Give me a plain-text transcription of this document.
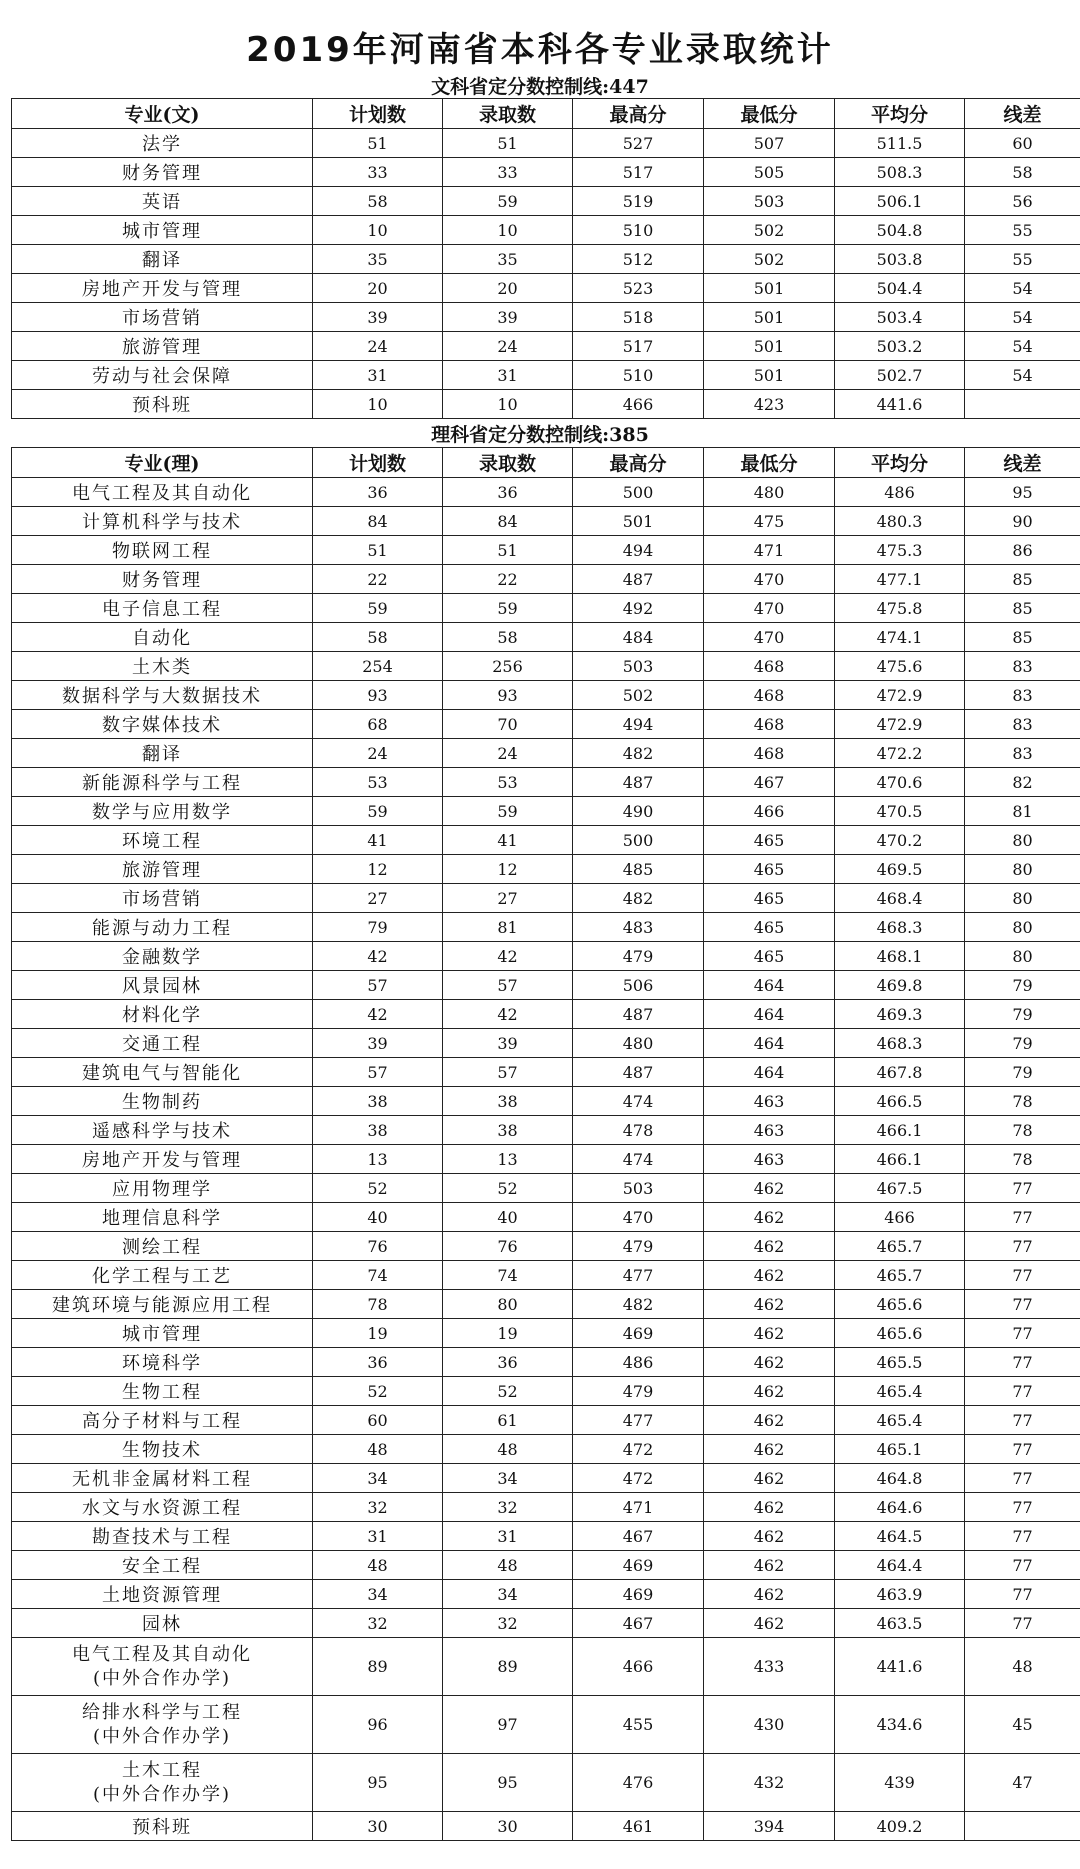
2019年河南省本科各专业录取统计
文科省定分数控制线:447
专业(文)	计划数	录取数	最高分	最低分	平均分	线差
法学	51	51	527	507	511.5	60
财务管理	33	33	517	505	508.3	58
英语	58	59	519	503	506.1	56
城市管理	10	10	510	502	504.8	55
翻译	35	35	512	502	503.8	55
房地产开发与管理	20	20	523	501	504.4	54
市场营销	39	39	518	501	503.4	54
旅游管理	24	24	517	501	503.2	54
劳动与社会保障	31	31	510	501	502.7	54
预科班	10	10	466	423	441.6	
理科省定分数控制线:385
专业(理)	计划数	录取数	最高分	最低分	平均分	线差
电气工程及其自动化	36	36	500	480	486	95
计算机科学与技术	84	84	501	475	480.3	90
物联网工程	51	51	494	471	475.3	86
财务管理	22	22	487	470	477.1	85
电子信息工程	59	59	492	470	475.8	85
自动化	58	58	484	470	474.1	85
土木类	254	256	503	468	475.6	83
数据科学与大数据技术	93	93	502	468	472.9	83
数字媒体技术	68	70	494	468	472.9	83
翻译	24	24	482	468	472.2	83
新能源科学与工程	53	53	487	467	470.6	82
数学与应用数学	59	59	490	466	470.5	81
环境工程	41	41	500	465	470.2	80
旅游管理	12	12	485	465	469.5	80
市场营销	27	27	482	465	468.4	80
能源与动力工程	79	81	483	465	468.3	80
金融数学	42	42	479	465	468.1	80
风景园林	57	57	506	464	469.8	79
材料化学	42	42	487	464	469.3	79
交通工程	39	39	480	464	468.3	79
建筑电气与智能化	57	57	487	464	467.8	79
生物制药	38	38	474	463	466.5	78
遥感科学与技术	38	38	478	463	466.1	78
房地产开发与管理	13	13	474	463	466.1	78
应用物理学	52	52	503	462	467.5	77
地理信息科学	40	40	470	462	466	77
测绘工程	76	76	479	462	465.7	77
化学工程与工艺	74	74	477	462	465.7	77
建筑环境与能源应用工程	78	80	482	462	465.6	77
城市管理	19	19	469	462	465.6	77
环境科学	36	36	486	462	465.5	77
生物工程	52	52	479	462	465.4	77
高分子材料与工程	60	61	477	462	465.4	77
生物技术	48	48	472	462	465.1	77
无机非金属材料工程	34	34	472	462	464.8	77
水文与水资源工程	32	32	471	462	464.6	77
勘查技术与工程	31	31	467	462	464.5	77
安全工程	48	48	469	462	464.4	77
土地资源管理	34	34	469	462	463.9	77
园林	32	32	467	462	463.5	77

电气工程及其自动化
(中外合作办学)	89	89	466	433	441.6	48

给排水科学与工程
(中外合作办学)	96	97	455	430	434.6	45

土木工程
(中外合作办学)	95	95	476	432	439	47
预科班	30	30	461	394	409.2	
